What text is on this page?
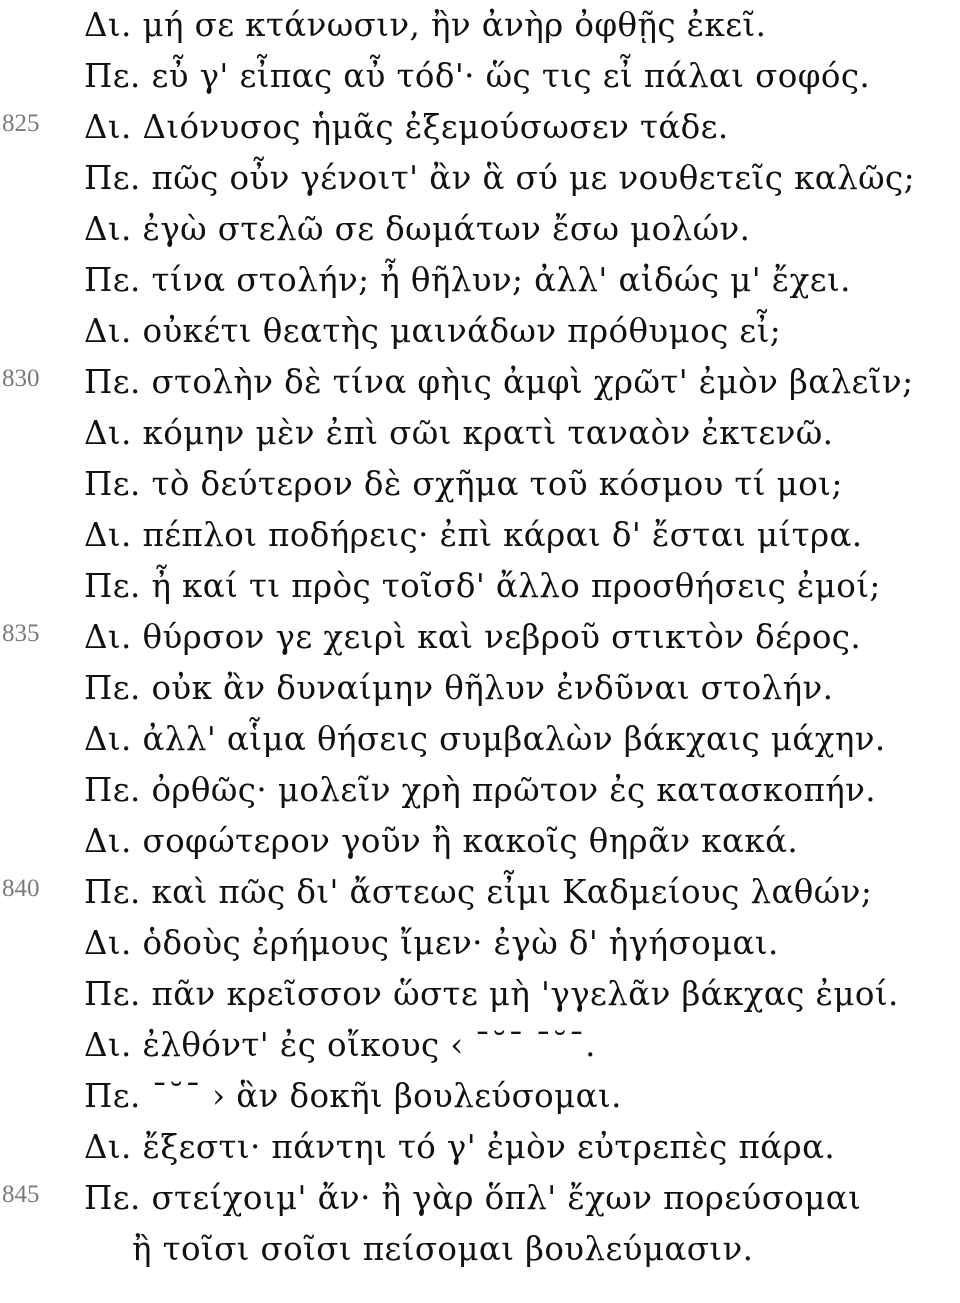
Δι. μή σε κτάνωσιν, ἢν ἀνὴρ ὀφθῇς ἐκεῖ.
Πε. εὖ γ' εἶπας αὖ τόδ'· ὥς τις εἶ πάλαι σοφός.
825	Δι. Διόνυσος ἡμᾶς ἐξεμούσωσεν τάδε.
Πε. πῶς οὖν γένοιτ' ἂν ἃ σύ με νουθετεῖς καλῶς;
Δι. ἐγὼ στελῶ σε δωμάτων ἔσω μολών.
Πε. τίνα στολήν; ἦ θῆλυν; ἀλλ' αἰδώς μ' ἔχει.
Δι. οὐκέτι θεατὴς μαινάδων πρόθυμος εἶ;
830	Πε. στολὴν δὲ τίνα φὴις ἀμφὶ χρῶτ' ἐμὸν βαλεῖν;
Δι. κόμην μὲν ἐπὶ σῶι κρατὶ ταναὸν ἐκτενῶ.
Πε. τὸ δεύτερον δὲ σχῆμα τοῦ κόσμου τί μοι;
Δι. πέπλοι ποδήρεις· ἐπὶ κάραι δ' ἔσται μίτρα.
Πε. ἦ καί τι πρὸς τοῖσδ' ἄλλο προσθήσεις ἐμοί;
835	Δι. θύρσον γε χειρὶ καὶ νεβροῦ στικτὸν δέρος.
Πε. οὐκ ἂν δυναίμην θῆλυν ἐνδῦναι στολήν.
Δι. ἀλλ' αἷμα θήσεις συμβαλὼν βάκχαις μάχην.
Πε. ὀρθῶς· μολεῖν χρὴ πρῶτον ἐς κατασκοπήν.
Δι. σοφώτερον γοῦν ἢ κακοῖς θηρᾶν κακά.
840	Πε. καὶ πῶς δι' ἄστεως εἶμι Καδμείους λαθών;
Δι. ὁδοὺς ἐρήμους ἴμεν· ἐγὼ δ' ἡγήσομαι.
Πε. πᾶν κρεῖσσον ὥστε μὴ 'γγελᾶν βάκχας ἐμοί.
Δι. ἐλθόντ' ἐς οἴκους ‹ ¯˘¯ ¯˘¯.
Πε. ¯˘¯ › ἃν δοκῆι βουλεύσομαι.
Δι. ἔξεστι· πάντηι τό γ' ἐμὸν εὐτρεπὲς πάρα.
845	Πε. στείχοιμ' ἄν· ἢ γὰρ ὅπλ' ἔχων πορεύσομαι
ἢ τοῖσι σοῖσι πείσομαι βουλεύμασιν.
